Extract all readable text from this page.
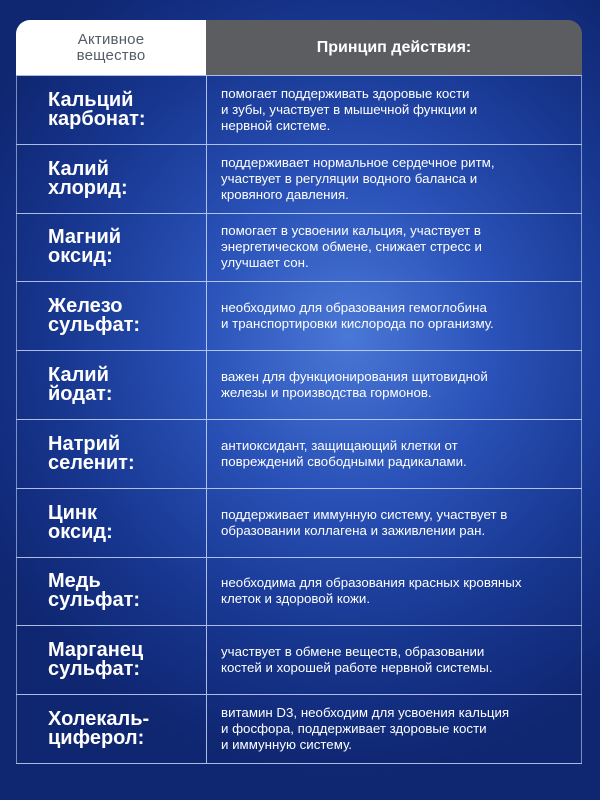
Активное
вещество	Принцип действия:
Кальций
карбонат:
помогает поддерживать здоровые кости
и зубы, участвует в мышечной функции и
нервной системе.
Калий
хлорид:
поддерживает нормальное сердечное ритм,
участвует в регуляции водного баланса и
кровяного давления.
Магний
оксид:
помогает в усвоении кальция, участвует в
энергетическом обмене, снижает стресс и
улучшает сон.
Железо
сульфат:
необходимо для образования гемоглобина
и транспортировки кислорода по организму.
Калий
йодат:
важен для функционирования щитовидной
железы и производства гормонов.
Натрий
селенит:
антиоксидант, защищающий клетки от
повреждений свободными радикалами.
Цинк
оксид:
поддерживает иммунную систему, участвует в
образовании коллагена и заживлении ран.
Медь
сульфат:
необходима для образования красных кровяных
клеток и здоровой кожи.
Марганец
сульфат:
участвует в обмене веществ, образовании
костей и хорошей работе нервной системы.
Холекаль-
циферол:
витамин D3, необходим для усвоения кальция
и фосфора, поддерживает здоровые кости
и иммунную систему.
